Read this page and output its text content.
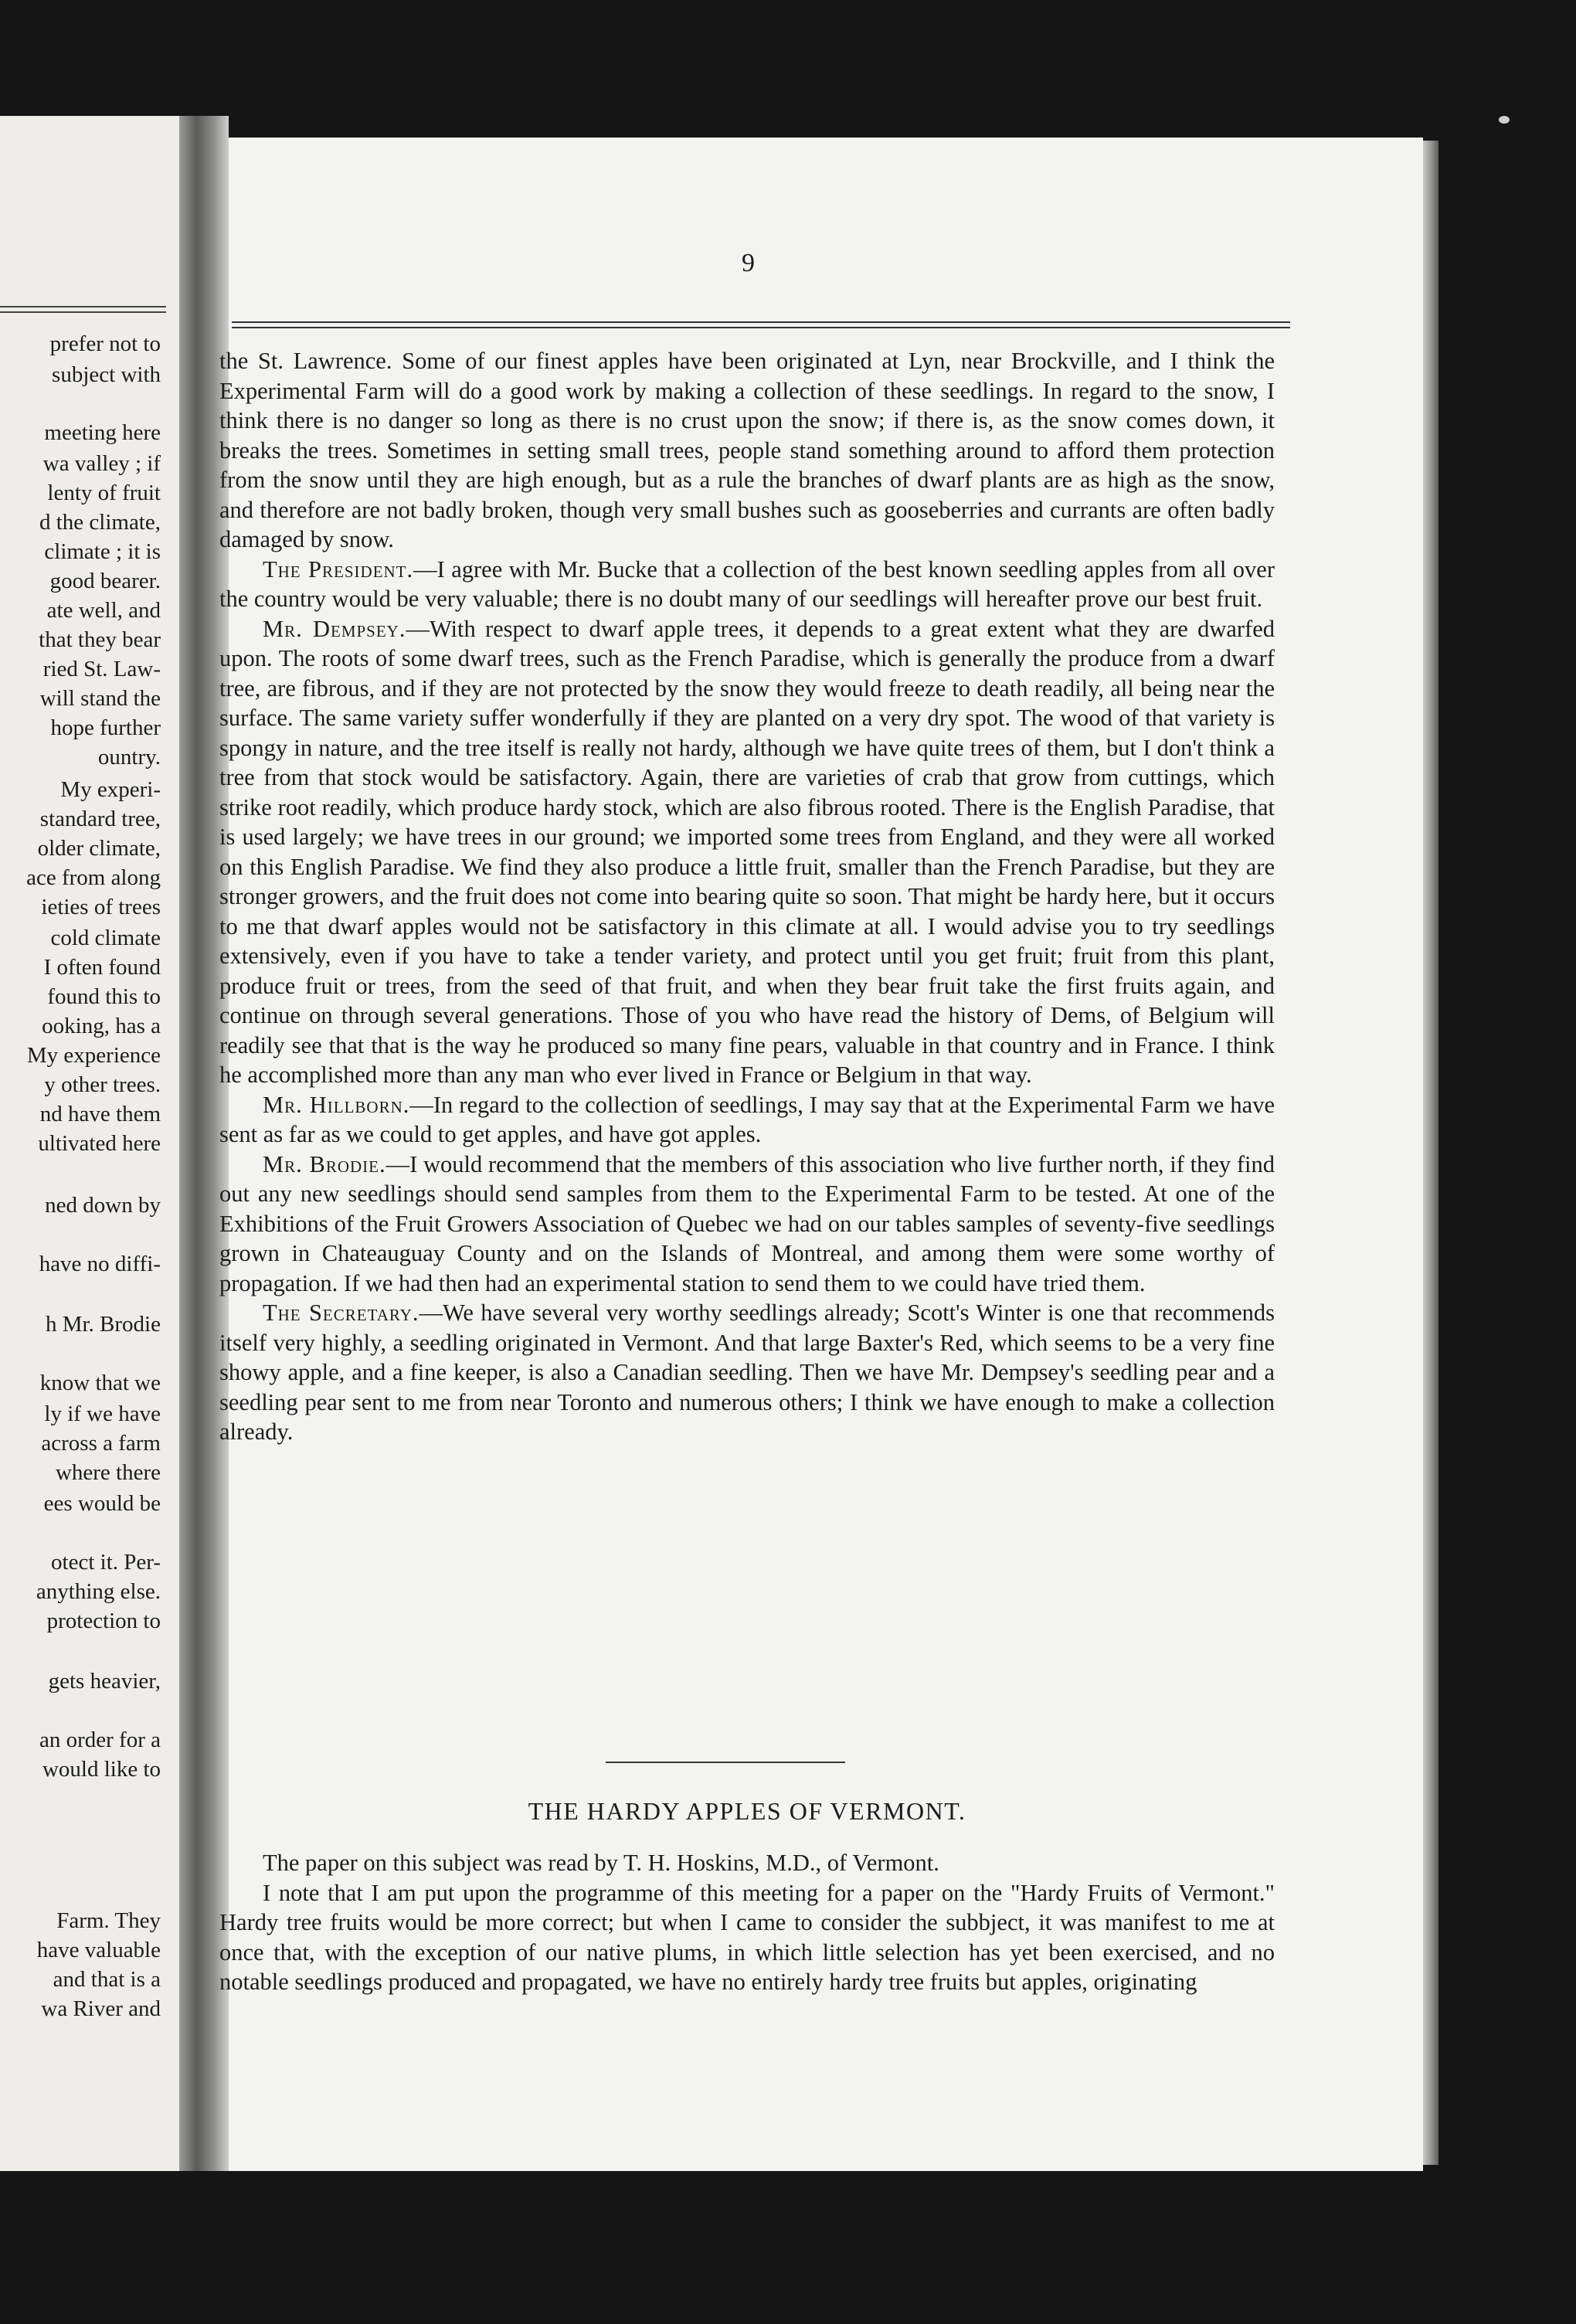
prefer not to
subject with
meeting here
wa valley ; if
lenty of fruit
d the climate,
climate ; it is
good bearer.
ate well, and
that they bear
ried St. Law-
will stand the
hope further
ountry.
My experi-
standard tree,
older climate,
ace from along
ieties of trees
cold climate
I often found
found this to
ooking, has a
My experience
y other trees.
nd have them
ultivated here
ned down by
have no diffi-
h Mr. Brodie
know that we
ly if we have
across a farm
where there
ees would be
otect it. Per-
anything else.
protection to
gets heavier,
an order for a
would like to
Farm. They
have valuable
and that is a
wa River and
9

the St. Lawrence. Some of our finest apples have been originated at Lyn, near Brockville, and I think the Experimental Farm will do a good work by making a collection of these seedlings. In regard to the snow, I think there is no danger so long as there is no crust upon the snow; if there is, as the snow comes down, it breaks the trees. Sometimes in setting small trees, people stand something around to afford them protection from the snow until they are high enough, but as a rule the branches of dwarf plants are as high as the snow, and therefore are not badly broken, though very small bushes such as gooseberries and currants are often badly damaged by snow.

The President.—I agree with Mr. Bucke that a collection of the best known seedling apples from all over the country would be very valuable; there is no doubt many of our seedlings will hereafter prove our best fruit.

Mr. Dempsey.—With respect to dwarf apple trees, it depends to a great extent what they are dwarfed upon. The roots of some dwarf trees, such as the French Paradise, which is generally the produce from a dwarf tree, are fibrous, and if they are not protected by the snow they would freeze to death readily, all being near the surface. The same variety suffer wonderfully if they are planted on a very dry spot. The wood of that variety is spongy in nature, and the tree itself is really not hardy, although we have quite trees of them, but I don't think a tree from that stock would be satisfactory. Again, there are varieties of crab that grow from cuttings, which strike root readily, which produce hardy stock, which are also fibrous rooted. There is the English Paradise, that is used largely; we have trees in our ground; we imported some trees from England, and they were all worked on this English Paradise. We find they also produce a little fruit, smaller than the French Paradise, but they are stronger growers, and the fruit does not come into bearing quite so soon. That might be hardy here, but it occurs to me that dwarf apples would not be satisfactory in this climate at all. I would advise you to try seedlings extensively, even if you have to take a tender variety, and protect until you get fruit; fruit from this plant, produce fruit or trees, from the seed of that fruit, and when they bear fruit take the first fruits again, and continue on through several generations. Those of you who have read the history of Dems, of Belgium will readily see that that is the way he produced so many fine pears, valuable in that country and in France. I think he accomplished more than any man who ever lived in France or Belgium in that way.

Mr. Hillborn.—In regard to the collection of seedlings, I may say that at the Experimental Farm we have sent as far as we could to get apples, and have got apples.

Mr. Brodie.—I would recommend that the members of this association who live further north, if they find out any new seedlings should send samples from them to the Experimental Farm to be tested. At one of the Exhibitions of the Fruit Growers Association of Quebec we had on our tables samples of seventy-five seedlings grown in Chateauguay County and on the Islands of Montreal, and among them were some worthy of propagation. If we had then had an experimental station to send them to we could have tried them.

The Secretary.—We have several very worthy seedlings already; Scott's Winter is one that recommends itself very highly, a seedling originated in Vermont. And that large Baxter's Red, which seems to be a very fine showy apple, and a fine keeper, is also a Canadian seedling. Then we have Mr. Dempsey's seedling pear and a seedling pear sent to me from near Toronto and numerous others; I think we have enough to make a collection already.

THE HARDY APPLES OF VERMONT.

The paper on this subject was read by T. H. Hoskins, M.D., of Vermont.

I note that I am put upon the programme of this meeting for a paper on the "Hardy Fruits of Vermont." Hardy tree fruits would be more correct; but when I came to consider the subbject, it was manifest to me at once that, with the exception of our native plums, in which little selection has yet been exercised, and no notable seedlings produced and propagated, we have no entirely hardy tree fruits but apples, originating
